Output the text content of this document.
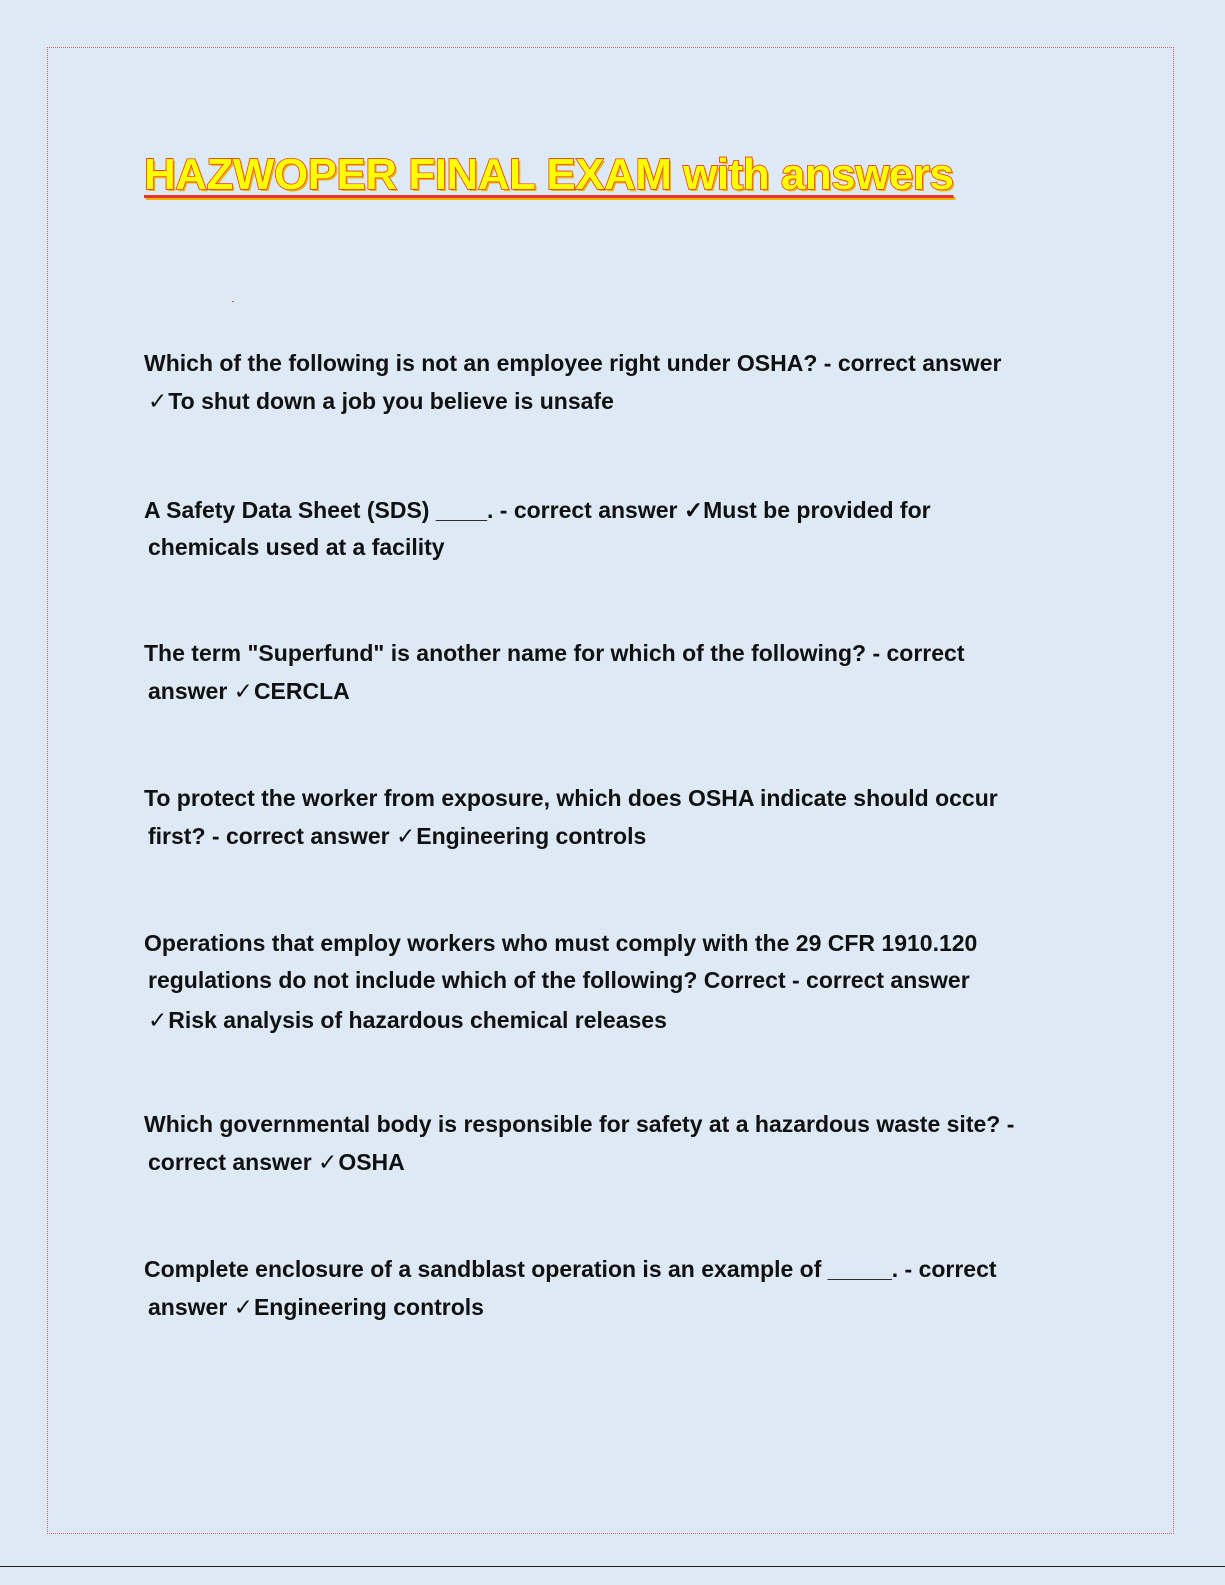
HAZWOPER FINAL EXAM with answers
Which of the following is not an employee right under OSHA? - correct answer
✓To shut down a job you believe is unsafe
A Safety Data Sheet (SDS) ____. - correct answer ✓Must be provided for
chemicals used at a facility
The term "Superfund" is another name for which of the following? - correct
answer ✓CERCLA
To protect the worker from exposure, which does OSHA indicate should occur
first? - correct answer ✓Engineering controls
Operations that employ workers who must comply with the 29 CFR 1910.120
regulations do not include which of the following? Correct - correct answer
✓Risk analysis of hazardous chemical releases
Which governmental body is responsible for safety at a hazardous waste site? -
correct answer ✓OSHA
Complete enclosure of a sandblast operation is an example of _____. - correct
answer ✓Engineering controls
